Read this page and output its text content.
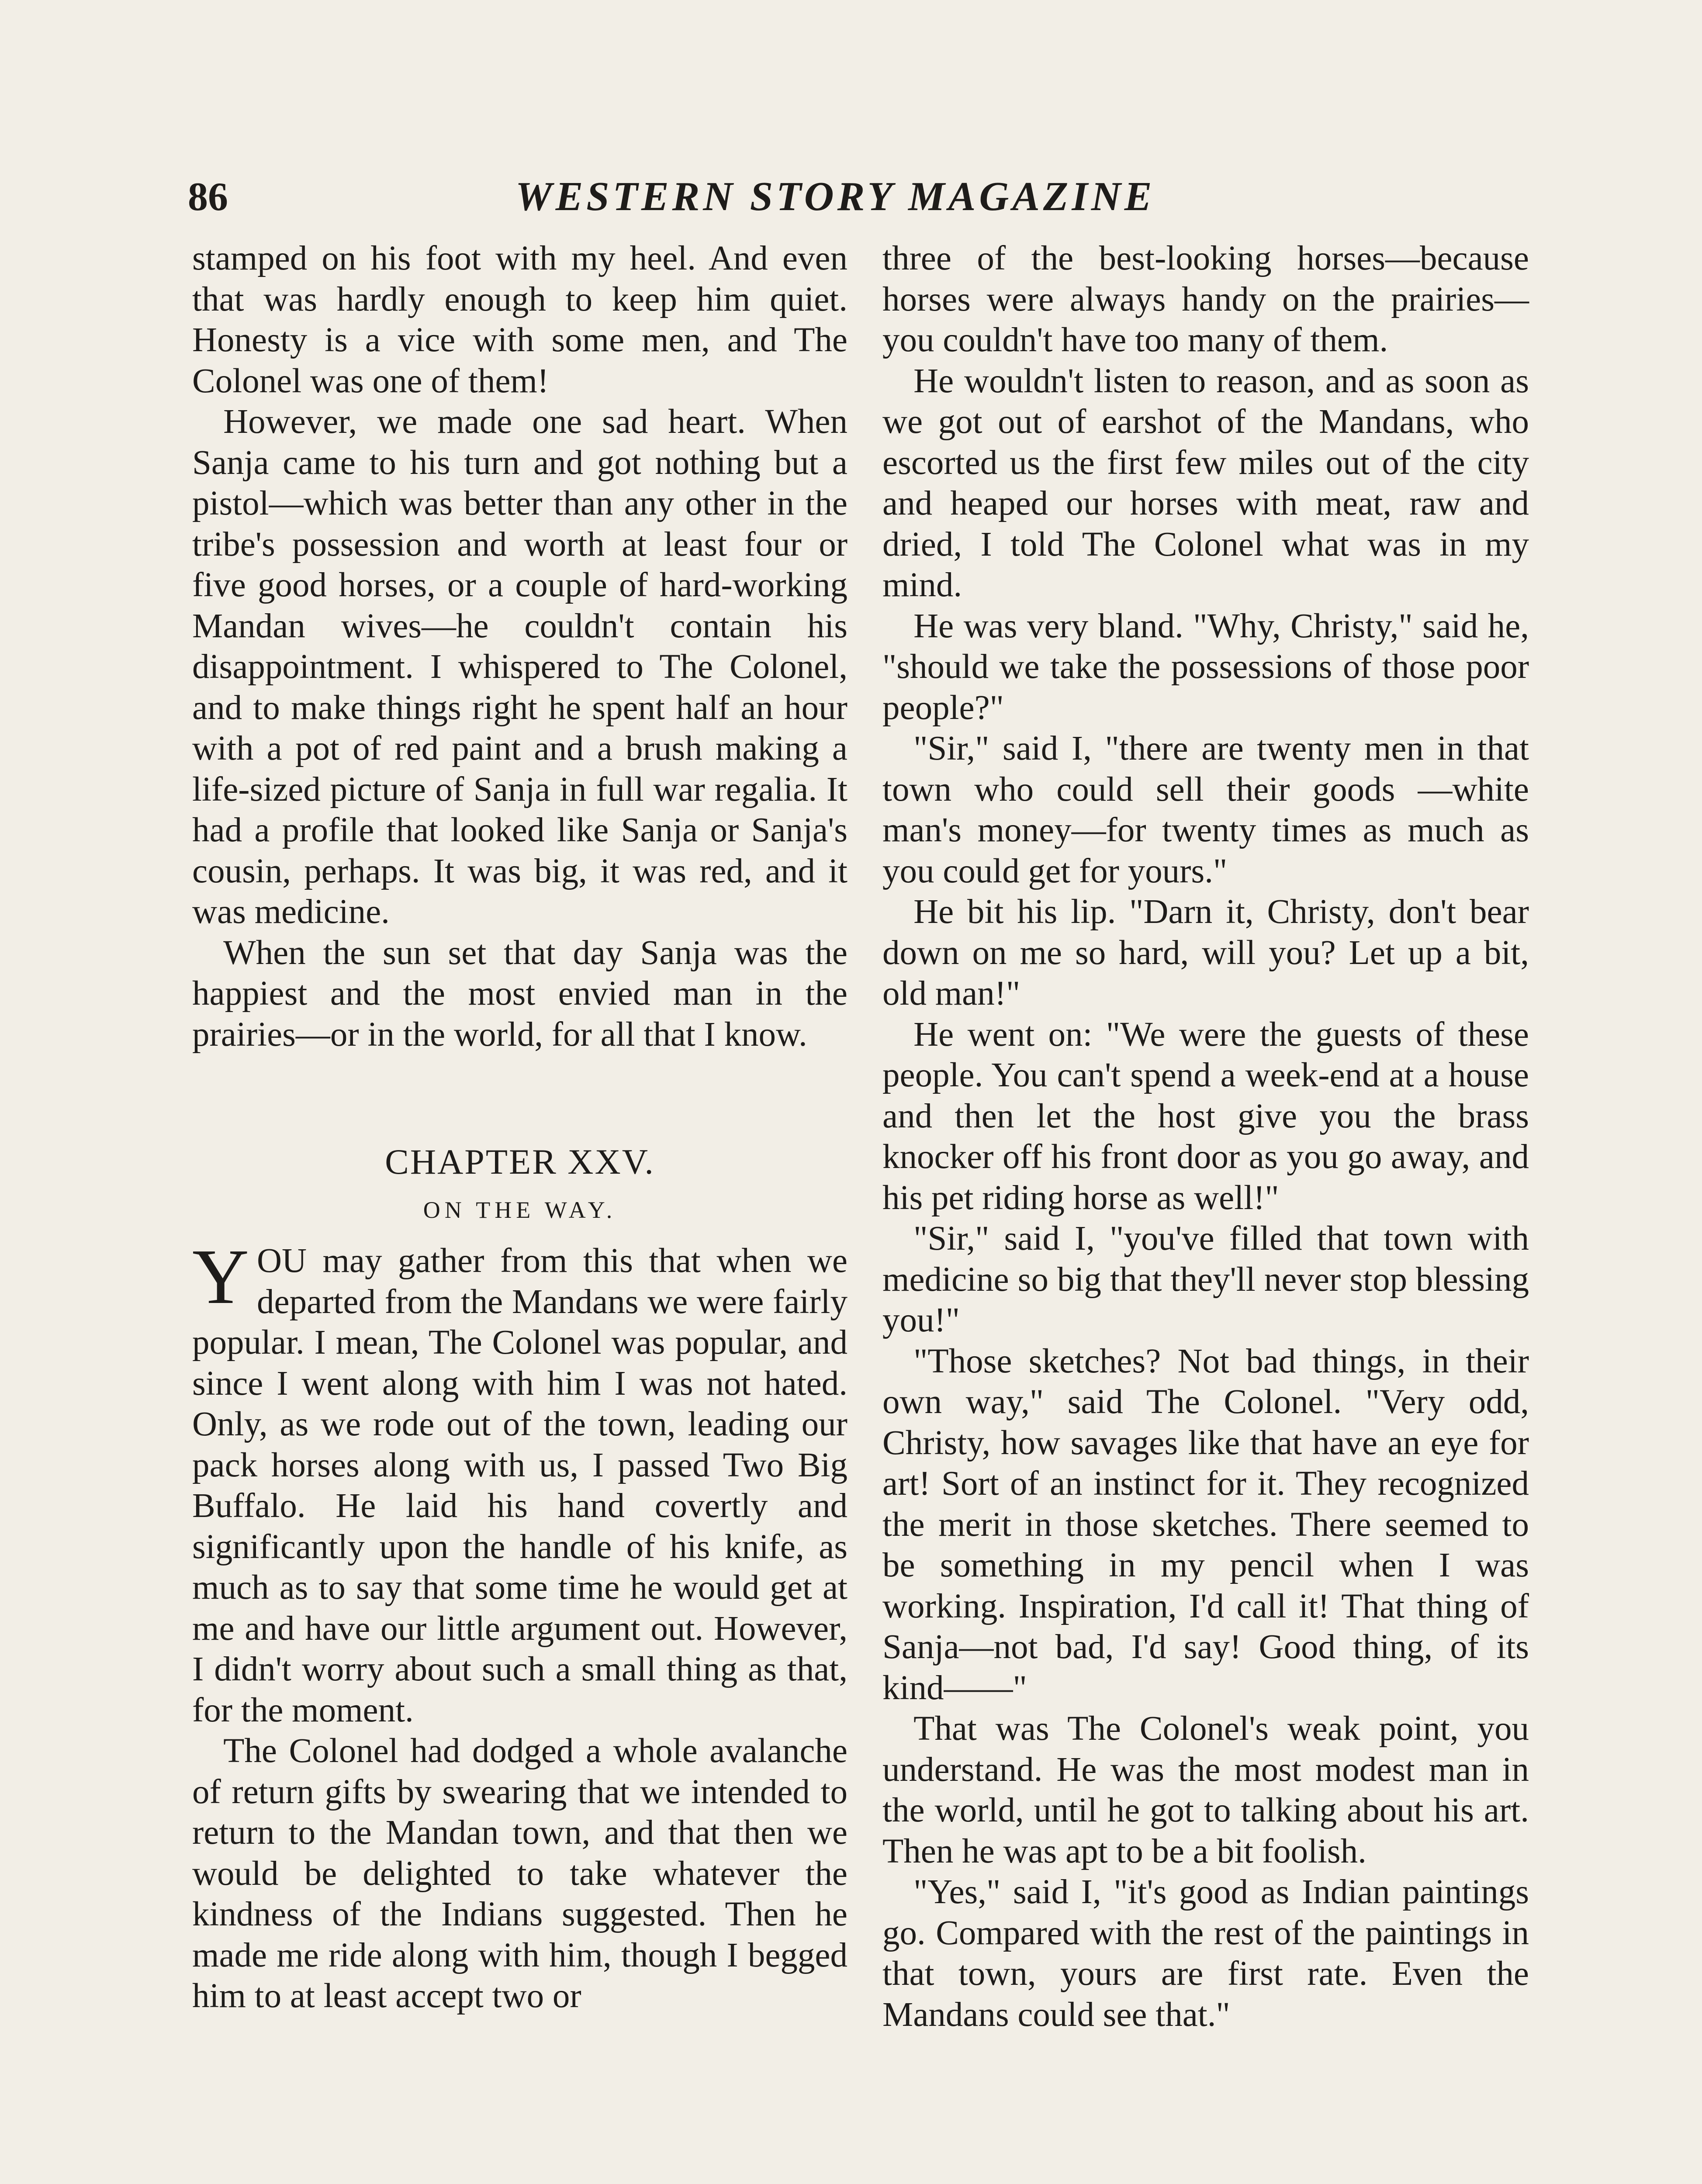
86	WESTERN STORY MAGAZINE

stamped on his foot with my heel. And even that was hardly enough to keep him quiet. Honesty is a vice with some men, and The Colonel was one of them!

However, we made one sad heart. When Sanja came to his turn and got nothing but a pistol—which was better than any other in the tribe's possession and worth at least four or five good horses, or a couple of hard-working Mandan wives—he couldn't contain his disappointment. I whispered to The Colonel, and to make things right he spent half an hour with a pot of red paint and a brush making a life-sized picture of Sanja in full war regalia. It had a profile that looked like Sanja or Sanja's cousin, perhaps. It was big, it was red, and it was medicine.

When the sun set that day Sanja was the happiest and the most envied man in the prairies—or in the world, for all that I know.

CHAPTER XXV.
ON THE WAY.

YOU may gather from this that when we departed from the Mandans we were fairly popular. I mean, The Colonel was popular, and since I went along with him I was not hated. Only, as we rode out of the town, leading our pack horses along with us, I passed Two Big Buffalo. He laid his hand covertly and significantly upon the handle of his knife, as much as to say that some time he would get at me and have our little argument out. However, I didn't worry about such a small thing as that, for the moment.

The Colonel had dodged a whole avalanche of return gifts by swearing that we intended to return to the Mandan town, and that then we would be delighted to take whatever the kindness of the Indians suggested. Then he made me ride along with him, though I begged him to at least accept two or

three of the best-looking horses—because horses were always handy on the prairies—you couldn't have too many of them.

He wouldn't listen to reason, and as soon as we got out of earshot of the Mandans, who escorted us the first few miles out of the city and heaped our horses with meat, raw and dried, I told The Colonel what was in my mind.

He was very bland. "Why, Christy," said he, "should we take the possessions of those poor people?"

"Sir," said I, "there are twenty men in that town who could sell their goods —white man's money—for twenty times as much as you could get for yours."

He bit his lip. "Darn it, Christy, don't bear down on me so hard, will you? Let up a bit, old man!"

He went on: "We were the guests of these people. You can't spend a week-end at a house and then let the host give you the brass knocker off his front door as you go away, and his pet riding horse as well!"

"Sir," said I, "you've filled that town with medicine so big that they'll never stop blessing you!"

"Those sketches? Not bad things, in their own way," said The Colonel. "Very odd, Christy, how savages like that have an eye for art! Sort of an instinct for it. They recognized the merit in those sketches. There seemed to be something in my pencil when I was working. Inspiration, I'd call it! That thing of Sanja—not bad, I'd say! Good thing, of its kind——"

That was The Colonel's weak point, you understand. He was the most modest man in the world, until he got to talking about his art. Then he was apt to be a bit foolish.

"Yes," said I, "it's good as Indian paintings go. Compared with the rest of the paintings in that town, yours are first rate. Even the Mandans could see that."
